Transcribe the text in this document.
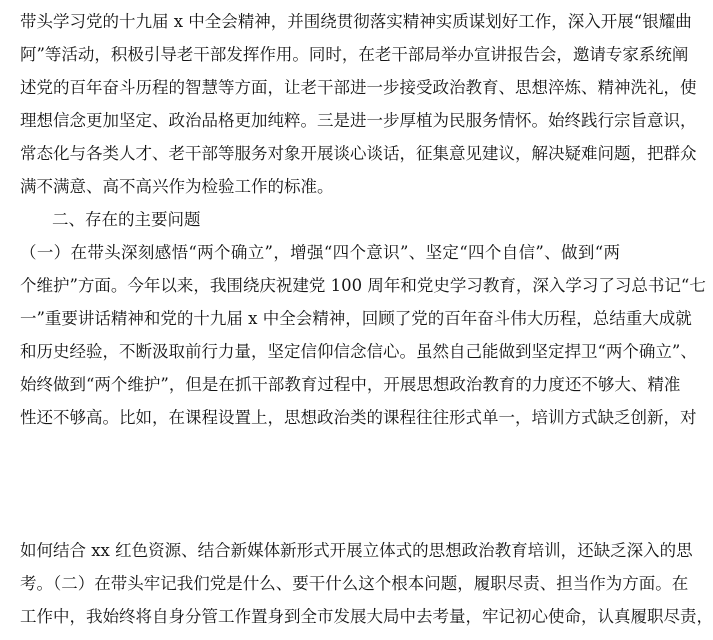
带头学习党的十九届 x 中全会精神，并围绕贯彻落实精神实质谋划好工作，深入开展“银耀曲
阿”等活动，积极引导老干部发挥作用。同时，在老干部局举办宣讲报告会，邀请专家系统阐
述党的百年奋斗历程的智慧等方面，让老干部进一步接受政治教育、思想淬炼、精神洗礼，使
理想信念更加坚定、政治品格更加纯粹。三是进一步厚植为民服务情怀。始终践行宗旨意识，
常态化与各类人才、老干部等服务对象开展谈心谈话，征集意见建议，解决疑难问题，把群众
满不满意、高不高兴作为检验工作的标准。
二、存在的主要问题
（一）在带头深刻感悟“两个确立”，增强“四个意识”、坚定“四个自信”、做到“两
个维护”方面。今年以来，我围绕庆祝建党 100 周年和党史学习教育，深入学习了习总书记“七
一”重要讲话精神和党的十九届 x 中全会精神，回顾了党的百年奋斗伟大历程，总结重大成就
和历史经验，不断汲取前行力量，坚定信仰信念信心。虽然自己能做到坚定捍卫“两个确立”、
始终做到“两个维护”，但是在抓干部教育过程中，开展思想政治教育的力度还不够大、精准
性还不够高。比如，在课程设置上，思想政治类的课程往往形式单一，培训方式缺乏创新，对
如何结合 xx 红色资源、结合新媒体新形式开展立体式的思想政治教育培训，还缺乏深入的思
考。（二）在带头牢记我们党是什么、要干什么这个根本问题，履职尽责、担当作为方面。在
工作中，我始终将自身分管工作置身到全市发展大局中去考量，牢记初心使命，认真履职尽责，
